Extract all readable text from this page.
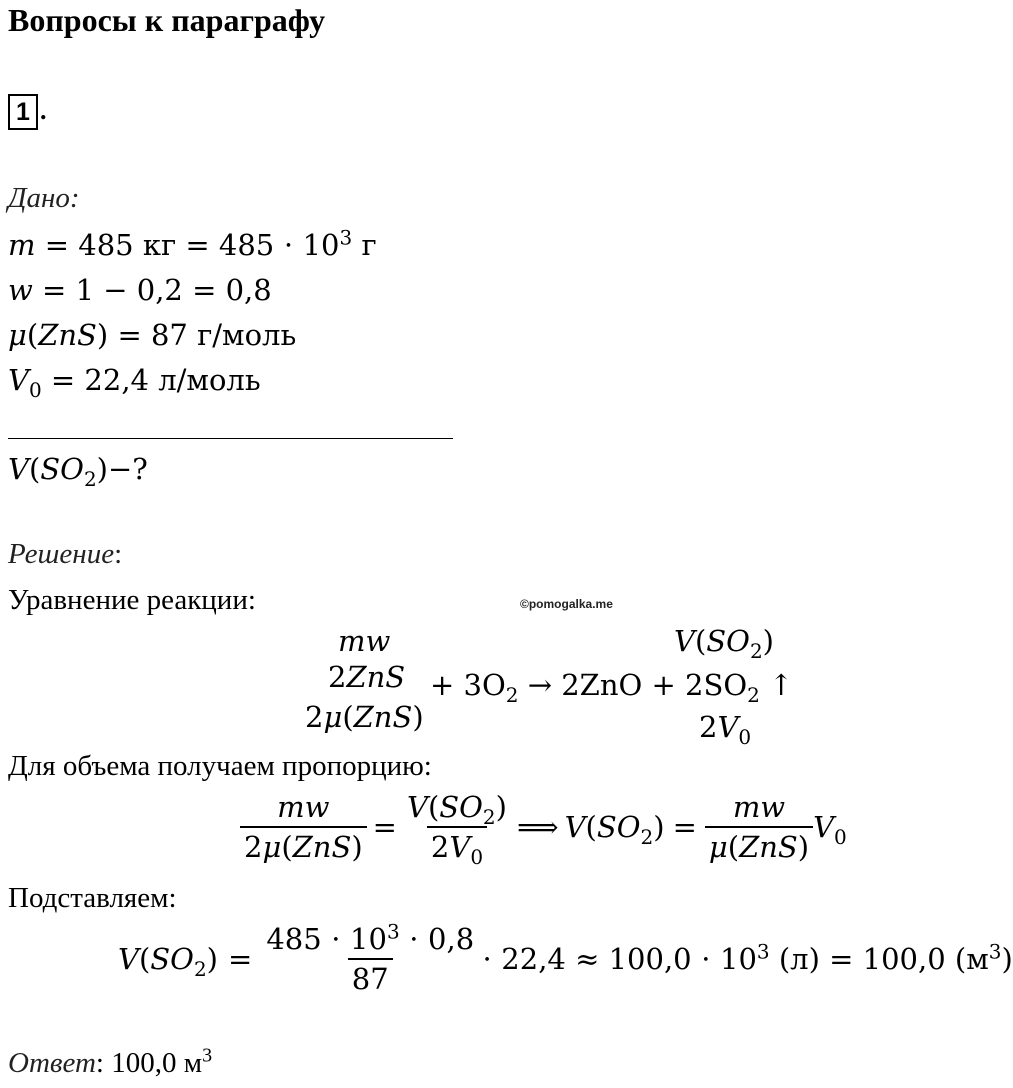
Вопросы к параграфу
1 .
Дано:
m = 485 кг = $485 \cdot 10^3$ г
w = 1 − 0,2 = 0,8
μ(ZnS) = 87 г/моль
$V_0 = 22,4$ л/моль
$V(SO_2)-$?
Решение:
Уравнение реакции:	©pomogalka.me
mw	$V(SO_2)$
$2ZnS + 3O_2 \to 2ZnO + 2SO_2$ ↑
2μ(ZnS)	$2V_0$
Для объема получаем пропорцию:
$\frac{mw}{\text{2μ(ZnS)}} = \frac{V(SO_2)}{2V_0}$ ⟹ $V(SO_2) = \frac{mw}{\text{μ(ZnS)}} V_0$
Подставляем:
$V(SO_2) = \frac{485 \cdot 10^3 \cdot 0,8}{87} \cdot 22,4 \approx 100,0 \cdot 10^3$ (л) = 100,0 $(м^3)$
Ответ: 100,0 $м^3$
